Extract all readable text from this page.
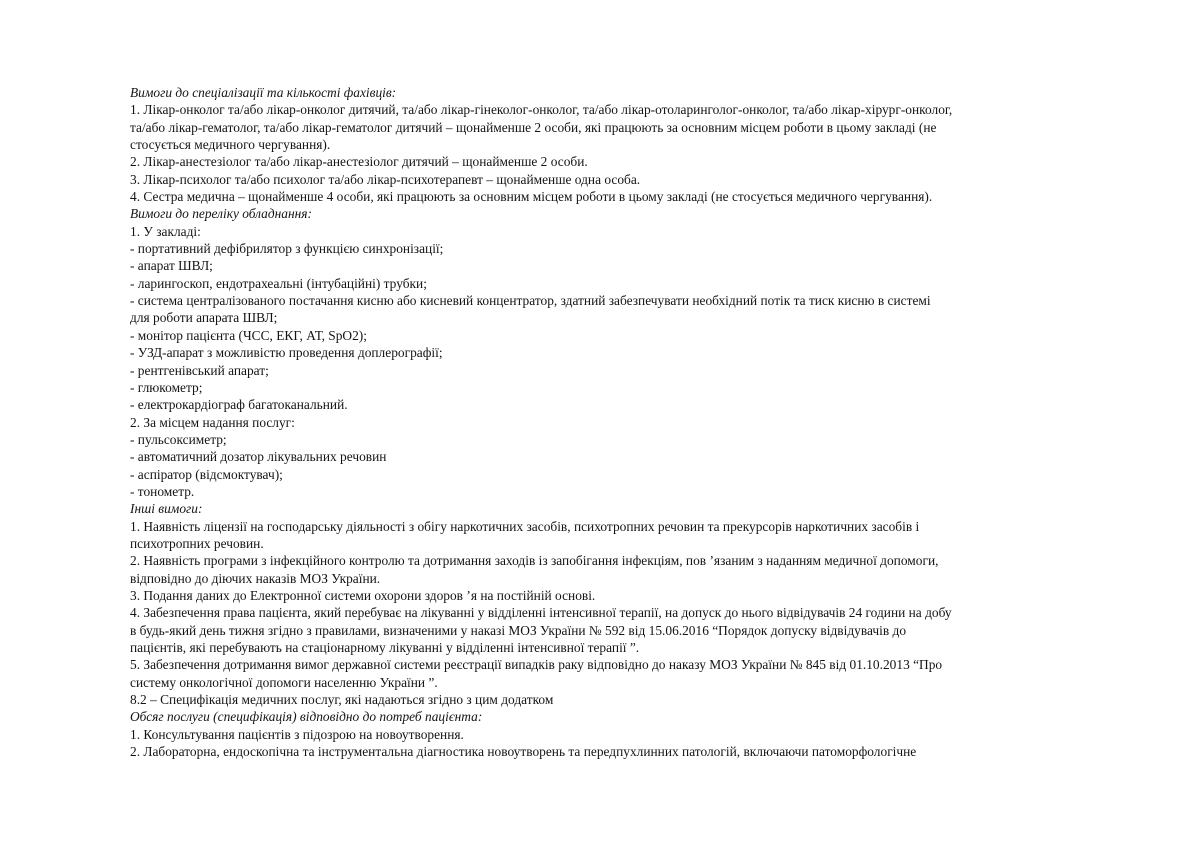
Вимоги до спеціалізації та кількості фахівців:
1. Лікар-онколог та/або лікар-онколог дитячий, та/або лікар-гінеколог-онколог, та/або лікар-отоларинголог-онколог, та/або лікар-хірург-онколог,
та/або лікар-гематолог, та/або лікар-гематолог дитячий – щонайменше 2 особи, які працюють за основним місцем роботи в цьому закладі (не
стосується медичного чергування).
2. Лікар-анестезіолог та/або лікар-анестезіолог дитячий – щонайменше 2 особи.
3. Лікар-психолог та/або психолог та/або лікар-психотерапевт – щонайменше одна особа.
4. Сестра медична – щонайменше 4 особи, які працюють за основним місцем роботи в цьому закладі (не стосується медичного чергування).
Вимоги до переліку обладнання:
1. У закладі:
- портативний дефібрилятор з функцією синхронізації;
- апарат ШВЛ;
- ларингоскоп, ендотрахеальні (інтубаційні) трубки;
- система централізованого постачання кисню або кисневий концентратор, здатний забезпечувати необхідний потік та тиск кисню в системі
для роботи апарата ШВЛ;
- монітор пацієнта (ЧСС, ЕКГ, АТ, SpO2);
- УЗД-апарат з можливістю проведення доплерографії;
- рентгенівський апарат;
- глюкометр;
- електрокардіограф багатоканальний.
2. За місцем надання послуг:
- пульсоксиметр;
- автоматичний дозатор лікувальних речовин
- аспіратор (відсмоктувач);
- тонометр.
Інші вимоги:
1. Наявність ліцензії на господарську діяльності з обігу наркотичних засобів, психотропних речовин та прекурсорів наркотичних засобів і
психотропних речовин.
2. Наявність програми з інфекційного контролю та дотримання заходів із запобігання інфекціям, пов ’язаним з наданням медичної допомоги,
відповідно до діючих наказів МОЗ України.
3. Подання даних до Електронної системи охорони здоров ’я на постійній основі.
4. Забезпечення права пацієнта, який перебуває на лікуванні у відділенні інтенсивної терапії, на допуск до нього відвідувачів 24 години на добу
в будь-який день тижня згідно з правилами, визначеними у наказі МОЗ України № 592 від 15.06.2016 “Порядок допуску відвідувачів до
пацієнтів, які перебувають на стаціонарному лікуванні у відділенні інтенсивної терапії ”.
5. Забезпечення дотримання вимог державної системи реєстрації випадків раку відповідно до наказу МОЗ України № 845 від 01.10.2013 “Про
систему онкологічної допомоги населенню України ”.
8.2 – Специфікація медичних послуг, які надаються згідно з цим додатком
Обсяг послуги (специфікація) відповідно до потреб пацієнта:
1. Консультування пацієнтів з підозрою на новоутворення.
2. Лабораторна, ендоскопічна та інструментальна діагностика новоутворень та передпухлинних патологій, включаючи патоморфологічне
